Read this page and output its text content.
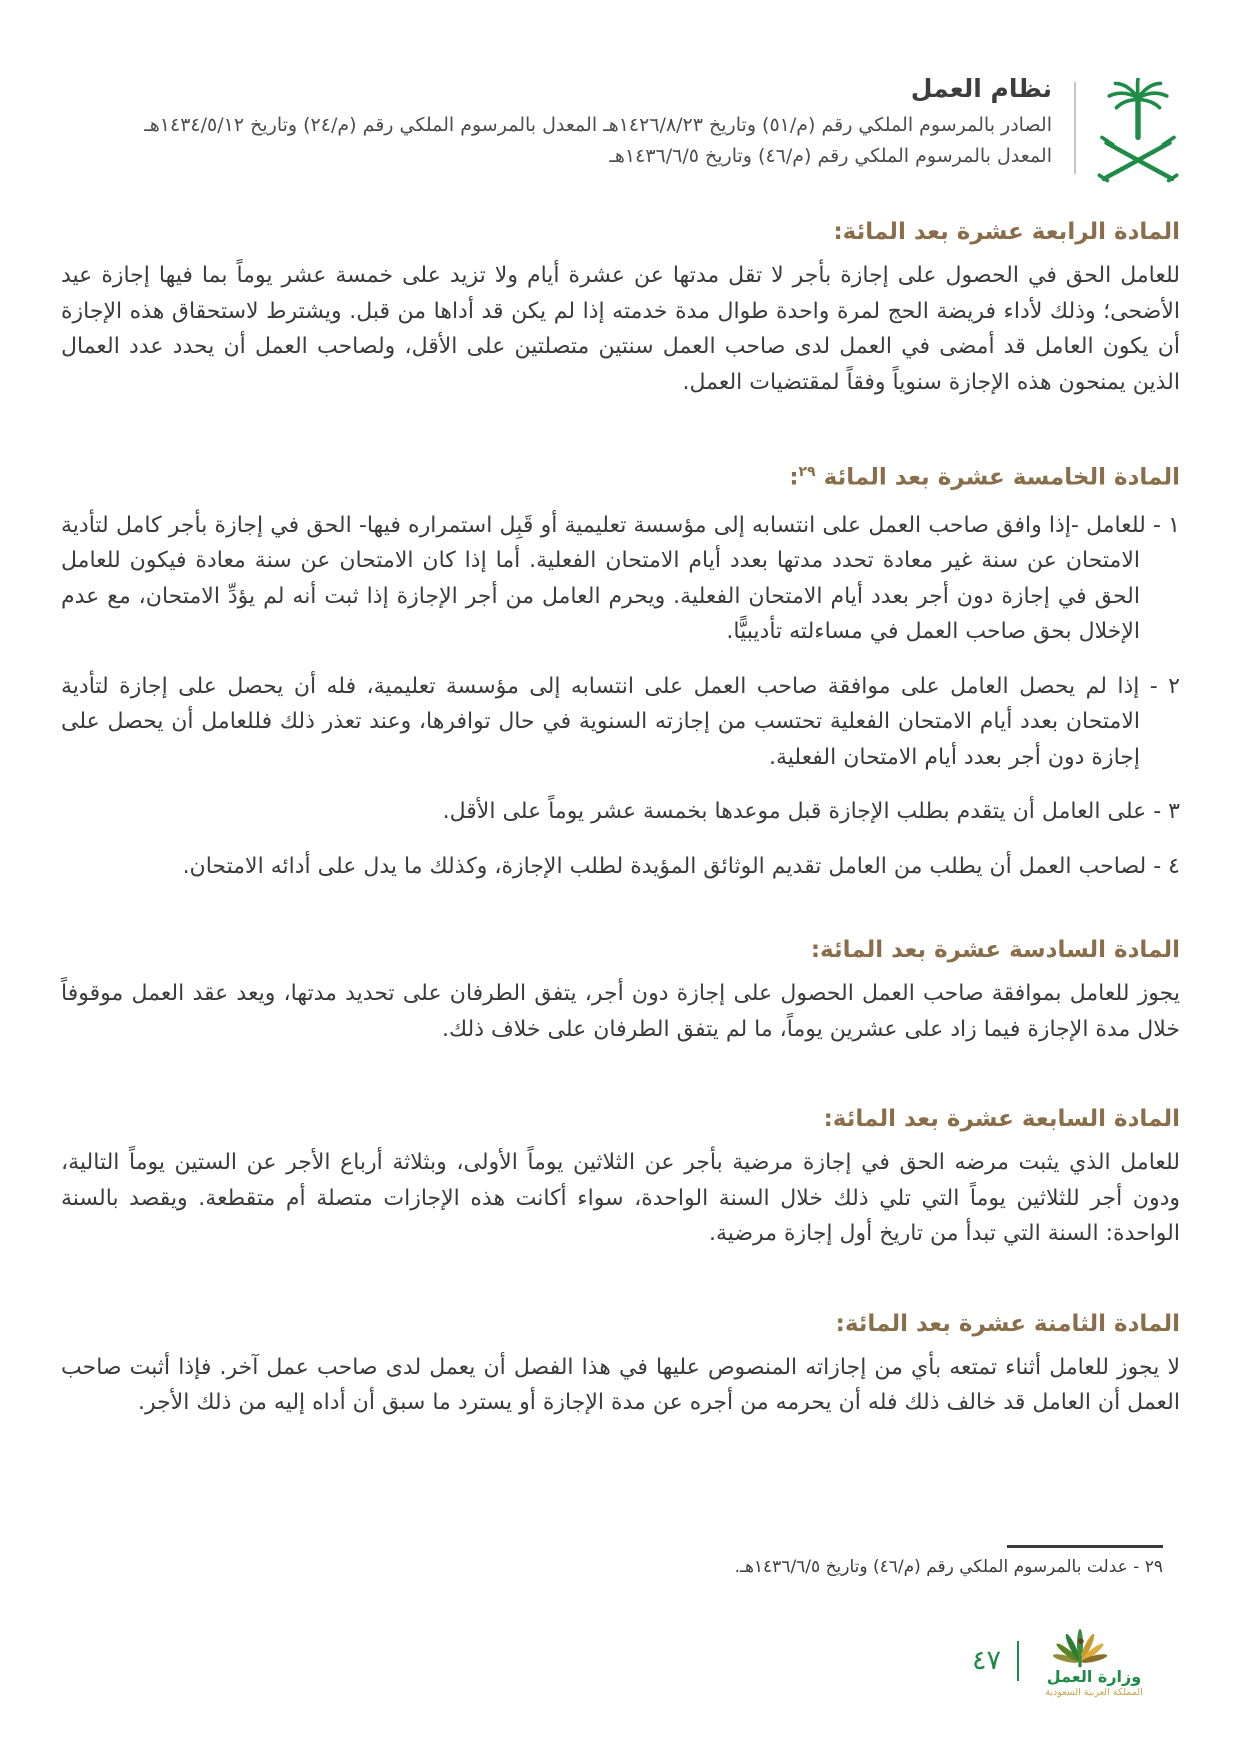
نظام العمل

الصادر بالمرسوم الملكي رقم (م/٥١) وتاريخ ١٤٢٦/٨/٢٣هـ المعدل بالمرسوم الملكي رقم (م/٢٤) وتاريخ ١٤٣٤/٥/١٢هـ

المعدل بالمرسوم الملكي رقم (م/٤٦) وتاريخ ١٤٣٦/٦/٥هـ

المادة الرابعة عشرة بعد المائة:

للعامل الحق في الحصول على إجازة بأجر لا تقل مدتها عن عشرة أيام ولا تزيد على خمسة عشر يوماً بما فيها إجازة عيد الأضحى؛ وذلك لأداء فريضة الحج لمرة واحدة طوال مدة خدمته إذا لم يكن قد أداها من قبل. ويشترط لاستحقاق هذه الإجازة أن يكون العامل قد أمضى في العمل لدى صاحب العمل سنتين متصلتين على الأقل، ولصاحب العمل أن يحدد عدد العمال الذين يمنحون هذه الإجازة سنوياً وفقاً لمقتضيات العمل.

المادة الخامسة عشرة بعد المائة $^{٢٩}$:
١ - للعامل -إذا وافق صاحب العمل على انتسابه إلى مؤسسة تعليمية أو قَبِل استمراره فيها- الحق في إجازة بأجر كامل لتأدية الامتحان عن سنة غير معادة تحدد مدتها بعدد أيام الامتحان الفعلية. أما إذا كان الامتحان عن سنة معادة فيكون للعامل الحق في إجازة دون أجر بعدد أيام الامتحان الفعلية. ويحرم العامل من أجر الإجازة إذا ثبت أنه لم يؤدِّ الامتحان، مع عدم الإخلال بحق صاحب العمل في مساءلته تأديبيًّا.
٢ - إذا لم يحصل العامل على موافقة صاحب العمل على انتسابه إلى مؤسسة تعليمية، فله أن يحصل على إجازة لتأدية الامتحان بعدد أيام الامتحان الفعلية تحتسب من إجازته السنوية في حال توافرها، وعند تعذر ذلك فللعامل أن يحصل على إجازة دون أجر بعدد أيام الامتحان الفعلية.
٣ - على العامل أن يتقدم بطلب الإجازة قبل موعدها بخمسة عشر يوماً على الأقل.
٤ - لصاحب العمل أن يطلب من العامل تقديم الوثائق المؤيدة لطلب الإجازة، وكذلك ما يدل على أدائه الامتحان.
المادة السادسة عشرة بعد المائة:

يجوز للعامل بموافقة صاحب العمل الحصول على إجازة دون أجر، يتفق الطرفان على تحديد مدتها، ويعد عقد العمل موقوفاً خلال مدة الإجازة فيما زاد على عشرين يوماً، ما لم يتفق الطرفان على خلاف ذلك.

المادة السابعة عشرة بعد المائة:

للعامل الذي يثبت مرضه الحق في إجازة مرضية بأجر عن الثلاثين يوماً الأولى، وبثلاثة أرباع الأجر عن الستين يوماً التالية، ودون أجر للثلاثين يوماً التي تلي ذلك خلال السنة الواحدة، سواء أكانت هذه الإجازات متصلة أم متقطعة. ويقصد بالسنة الواحدة: السنة التي تبدأ من تاريخ أول إجازة مرضية.

المادة الثامنة عشرة بعد المائة:

لا يجوز للعامل أثناء تمتعه بأي من إجازاته المنصوص عليها في هذا الفصل أن يعمل لدى صاحب عمل آخر. فإذا أثبت صاحب العمل أن العامل قد خالف ذلك فله أن يحرمه من أجره عن مدة الإجازة أو يسترد ما سبق أن أداه إليه من ذلك الأجر.

٢٩ - عدلت بالمرسوم الملكي رقم (م/٤٦) وتاريخ ١٤٣٦/٦/٥هـ.

وزارة العمل

المملكة العربية السعودية

٤٧
